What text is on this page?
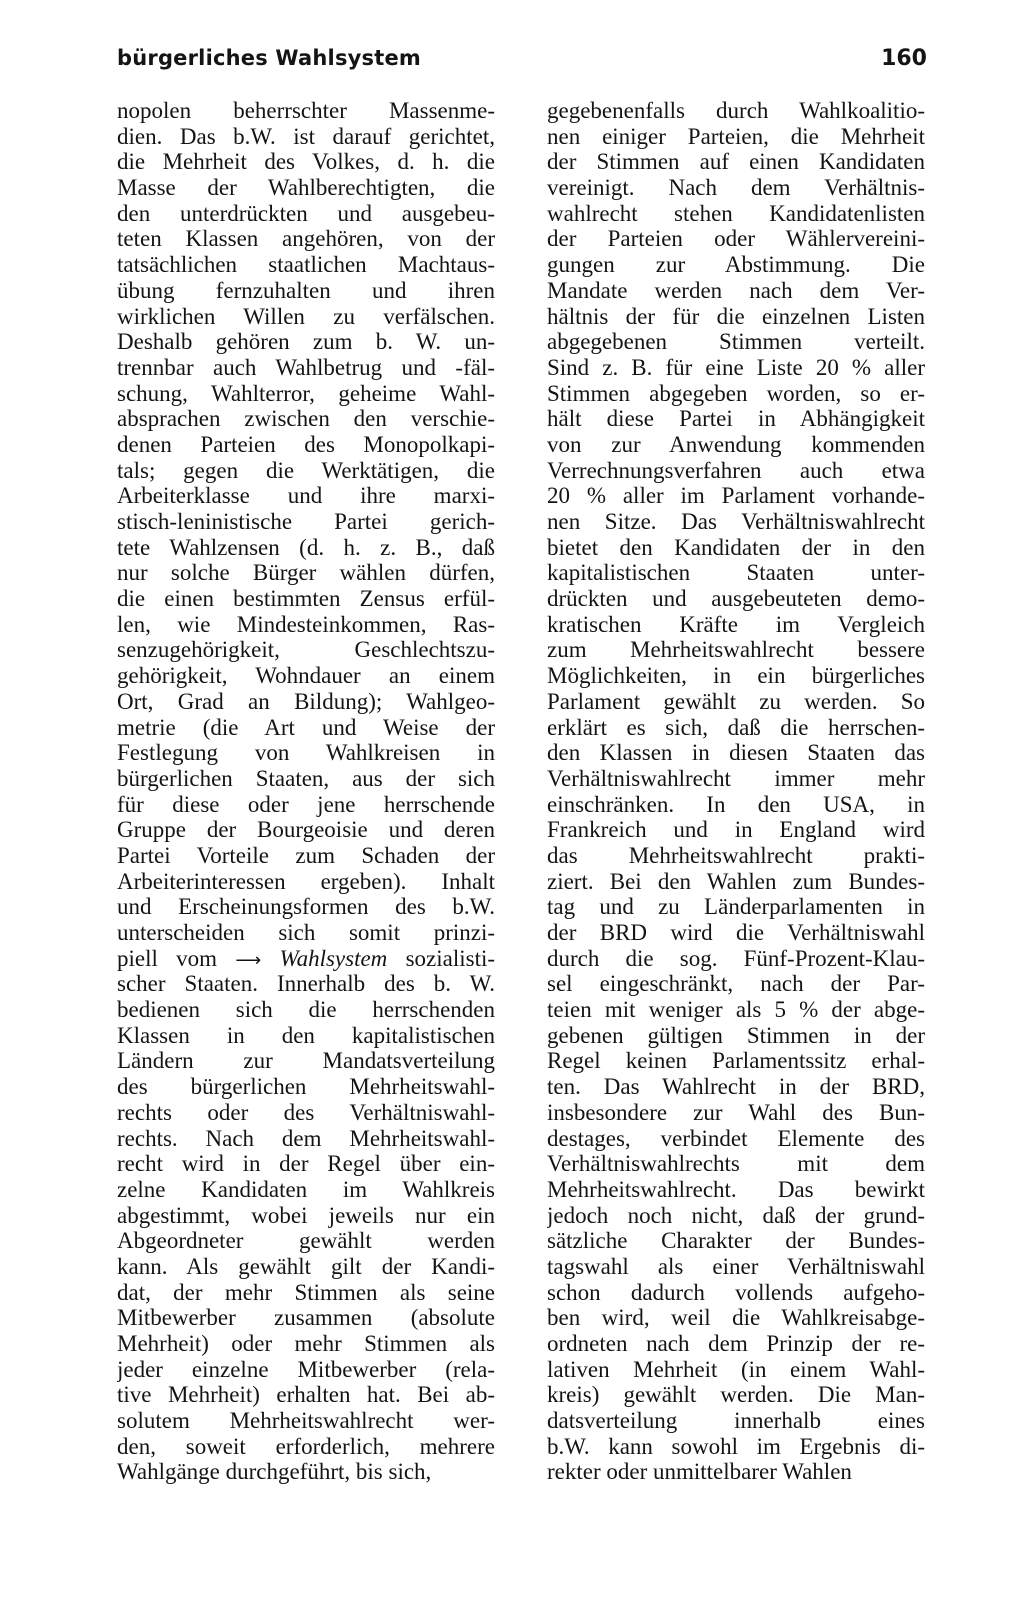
bürgerliches Wahlsystem	160
nopolen beherrschter Massenme-
dien. Das b.W. ist darauf gerichtet,
die Mehrheit des Volkes, d. h. die
Masse der Wahlberechtigten, die
den unterdrückten und ausgebeu-
teten Klassen angehören, von der
tatsächlichen staatlichen Machtaus-
übung fernzuhalten und ihren
wirklichen Willen zu verfälschen.
Deshalb gehören zum b. W. un-
trennbar auch Wahlbetrug und -fäl-
schung, Wahlterror, geheime Wahl-
absprachen zwischen den verschie-
denen Parteien des Monopolkapi-
tals; gegen die Werktätigen, die
Arbeiterklasse und ihre marxi-
stisch-leninistische Partei gerich-
tete Wahlzensen (d. h. z. B., daß
nur solche Bürger wählen dürfen,
die einen bestimmten Zensus erfül-
len, wie Mindesteinkommen, Ras-
senzugehörigkeit, Geschlechtszu-
gehörigkeit, Wohndauer an einem
Ort, Grad an Bildung); Wahlgeo-
metrie (die Art und Weise der
Festlegung von Wahlkreisen in
bürgerlichen Staaten, aus der sich
für diese oder jene herrschende
Gruppe der Bourgeoisie und deren
Partei Vorteile zum Schaden der
Arbeiterinteressen ergeben). Inhalt
und Erscheinungsformen des b.W.
unterscheiden sich somit prinzi-
piell vom ⟶ Wahlsystem sozialisti-
scher Staaten. Innerhalb des b. W.
bedienen sich die herrschenden
Klassen in den kapitalistischen
Ländern zur Mandatsverteilung
des bürgerlichen Mehrheitswahl-
rechts oder des Verhältniswahl-
rechts. Nach dem Mehrheitswahl-
recht wird in der Regel über ein-
zelne Kandidaten im Wahlkreis
abgestimmt, wobei jeweils nur ein
Abgeordneter gewählt werden
kann. Als gewählt gilt der Kandi-
dat, der mehr Stimmen als seine
Mitbewerber zusammen (absolute
Mehrheit) oder mehr Stimmen als
jeder einzelne Mitbewerber (rela-
tive Mehrheit) erhalten hat. Bei ab-
solutem Mehrheitswahlrecht wer-
den, soweit erforderlich, mehrere
Wahlgänge durchgeführt, bis sich,
gegebenenfalls durch Wahlkoalitio-
nen einiger Parteien, die Mehrheit
der Stimmen auf einen Kandidaten
vereinigt. Nach dem Verhältnis-
wahlrecht stehen Kandidatenlisten
der Parteien oder Wählervereini-
gungen zur Abstimmung. Die
Mandate werden nach dem Ver-
hältnis der für die einzelnen Listen
abgegebenen Stimmen verteilt.
Sind z. B. für eine Liste 20 % aller
Stimmen abgegeben worden, so er-
hält diese Partei in Abhängigkeit
von zur Anwendung kommenden
Verrechnungsverfahren auch etwa
20 % aller im Parlament vorhande-
nen Sitze. Das Verhältniswahlrecht
bietet den Kandidaten der in den
kapitalistischen Staaten unter-
drückten und ausgebeuteten demo-
kratischen Kräfte im Vergleich
zum Mehrheitswahlrecht bessere
Möglichkeiten, in ein bürgerliches
Parlament gewählt zu werden. So
erklärt es sich, daß die herrschen-
den Klassen in diesen Staaten das
Verhältniswahlrecht immer mehr
einschränken. In den USA, in
Frankreich und in England wird
das Mehrheitswahlrecht prakti-
ziert. Bei den Wahlen zum Bundes-
tag und zu Länderparlamenten in
der BRD wird die Verhältniswahl
durch die sog. Fünf-Prozent-Klau-
sel eingeschränkt, nach der Par-
teien mit weniger als 5 % der abge-
gebenen gültigen Stimmen in der
Regel keinen Parlamentssitz erhal-
ten. Das Wahlrecht in der BRD,
insbesondere zur Wahl des Bun-
destages, verbindet Elemente des
Verhältniswahlrechts mit dem
Mehrheitswahlrecht. Das bewirkt
jedoch noch nicht, daß der grund-
sätzliche Charakter der Bundes-
tagswahl als einer Verhältniswahl
schon dadurch vollends aufgeho-
ben wird, weil die Wahlkreisabge-
ordneten nach dem Prinzip der re-
lativen Mehrheit (in einem Wahl-
kreis) gewählt werden. Die Man-
datsverteilung innerhalb eines
b.W. kann sowohl im Ergebnis di-
rekter oder unmittelbarer Wahlen
